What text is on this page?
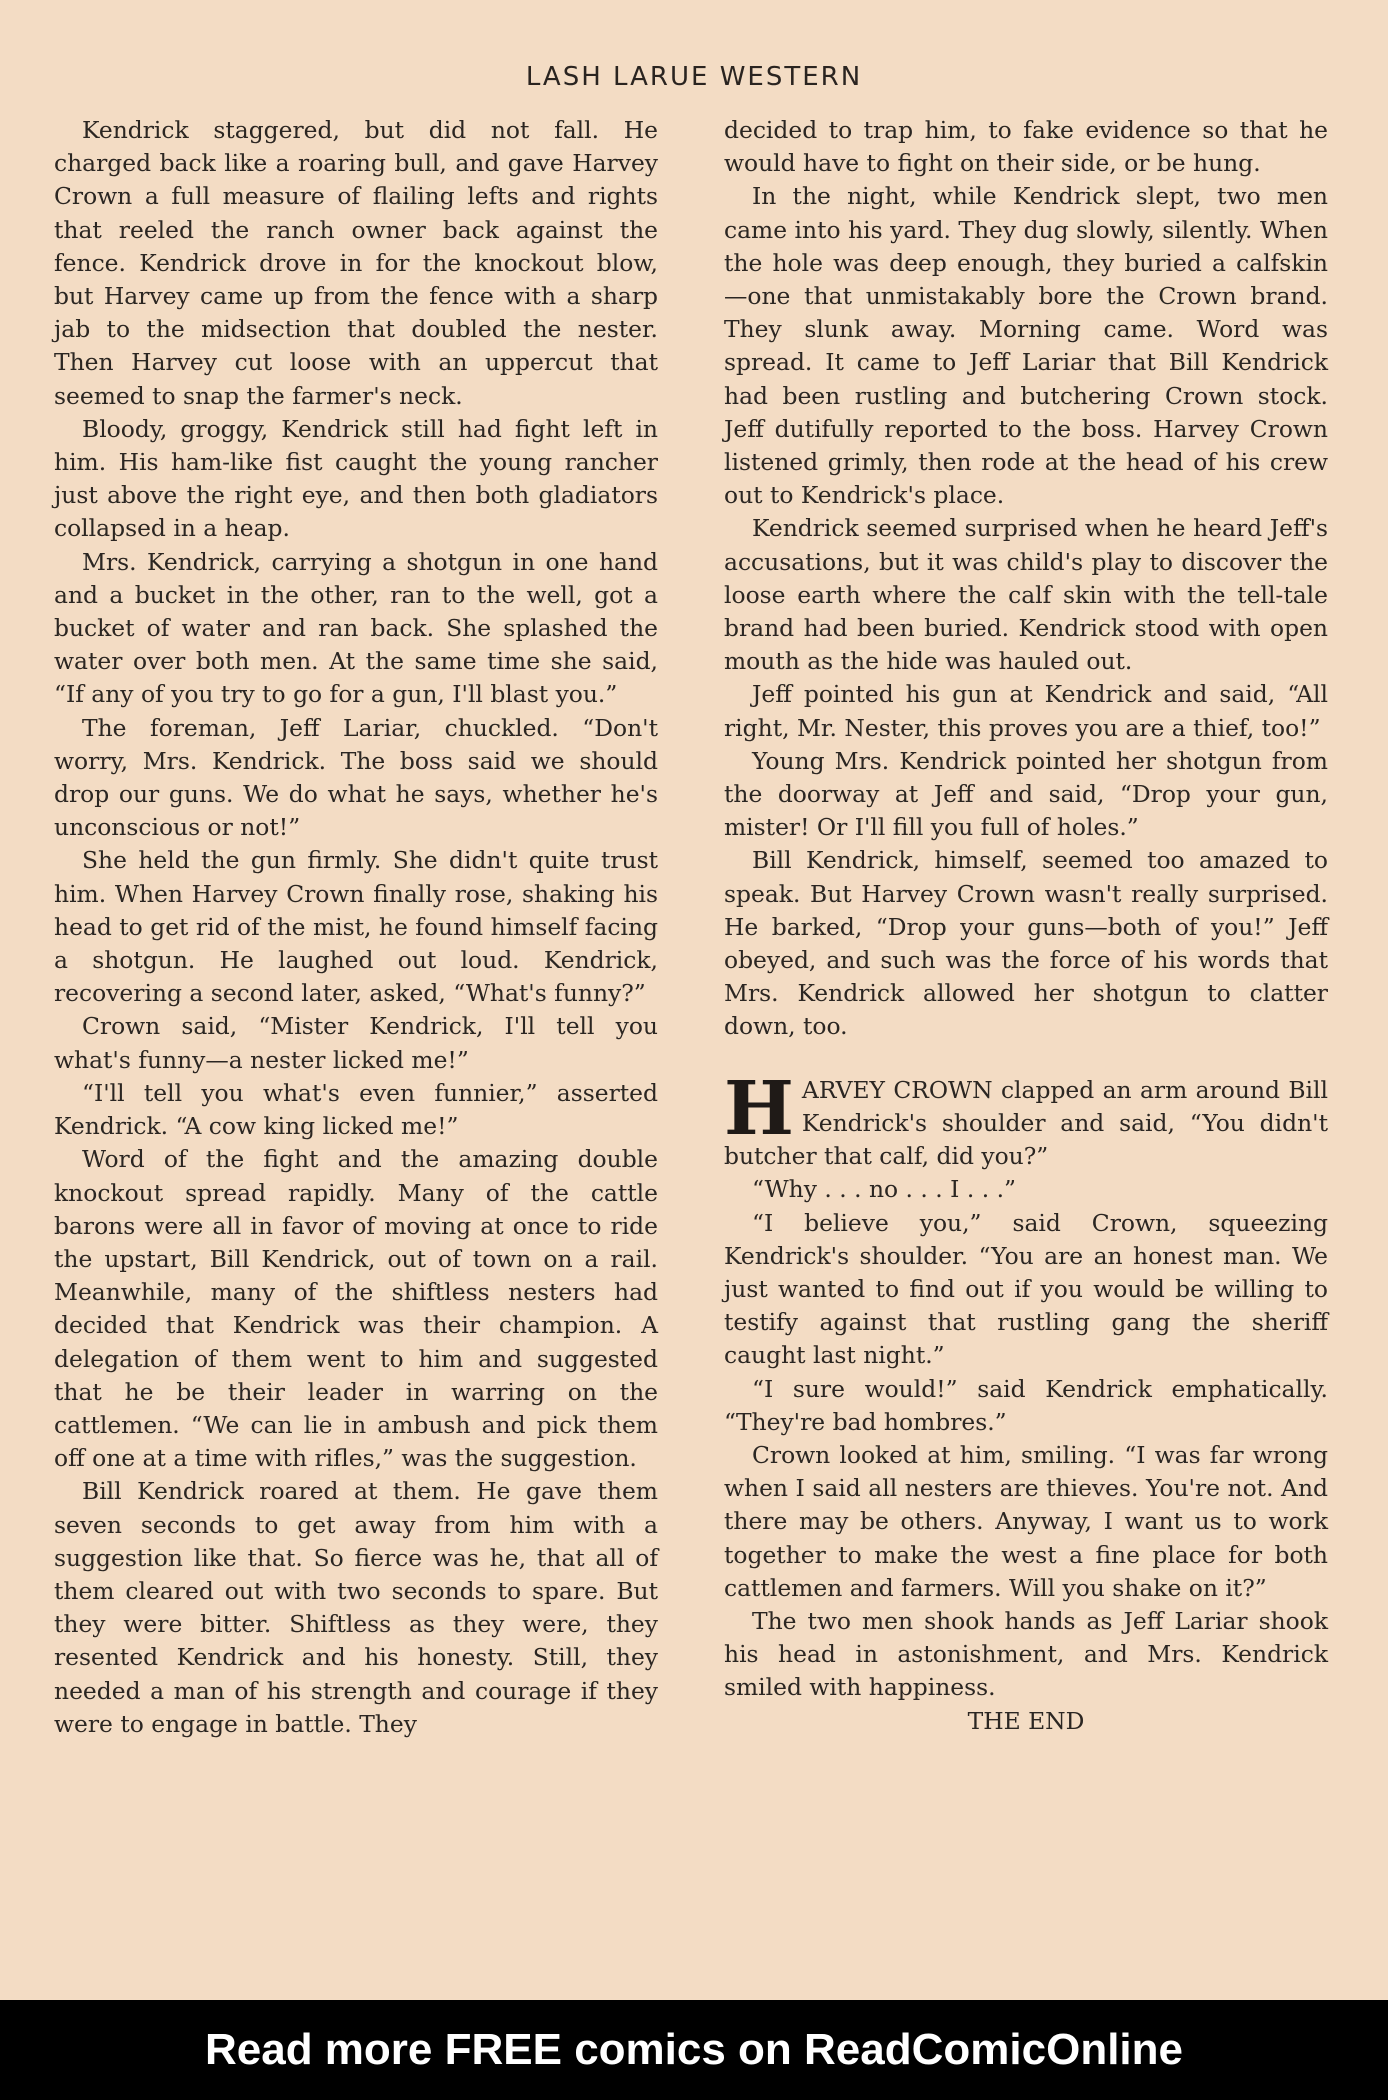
LASH LARUE WESTERN

Kendrick staggered, but did not fall. He charged back like a roaring bull, and gave Harvey Crown a full measure of flailing lefts and rights that reeled the ranch owner back against the fence. Kendrick drove in for the knockout blow, but Harvey came up from the fence with a sharp jab to the midsection that doubled the nester. Then Harvey cut loose with an uppercut that seemed to snap the farmer's neck.

Bloody, groggy, Kendrick still had fight left in him. His ham-like fist caught the young rancher just above the right eye, and then both gladiators collapsed in a heap.

Mrs. Kendrick, carrying a shotgun in one hand and a bucket in the other, ran to the well, got a bucket of water and ran back. She splashed the water over both men. At the same time she said, “If any of you try to go for a gun, I'll blast you.”

The foreman, Jeff Lariar, chuckled. “Don't worry, Mrs. Kendrick. The boss said we should drop our guns. We do what he says, whether he's unconscious or not!”

She held the gun firmly. She didn't quite trust him. When Harvey Crown finally rose, shaking his head to get rid of the mist, he found himself facing a shotgun. He laughed out loud. Kendrick, recovering a second later, asked, “What's funny?”

Crown said, “Mister Kendrick, I'll tell you what's funny—a nester licked me!”

“I'll tell you what's even funnier,” asserted Kendrick. “A cow king licked me!”

Word of the fight and the amazing double knockout spread rapidly. Many of the cattle barons were all in favor of moving at once to ride the upstart, Bill Kendrick, out of town on a rail. Meanwhile, many of the shiftless nesters had decided that Kendrick was their champion. A delegation of them went to him and suggested that he be their leader in warring on the cattlemen. “We can lie in ambush and pick them off one at a time with rifles,” was the suggestion.

Bill Kendrick roared at them. He gave them seven seconds to get away from him with a suggestion like that. So fierce was he, that all of them cleared out with two seconds to spare. But they were bitter. Shiftless as they were, they resented Kendrick and his honesty. Still, they needed a man of his strength and courage if they were to engage in battle. They

decided to trap him, to fake evidence so that he would have to fight on their side, or be hung.

In the night, while Kendrick slept, two men came into his yard. They dug slowly, silently. When the hole was deep enough, they buried a calfskin—one that unmistakably bore the Crown brand. They slunk away. Morning came. Word was spread. It came to Jeff Lariar that Bill Kendrick had been rustling and butchering Crown stock. Jeff dutifully reported to the boss. Harvey Crown listened grimly, then rode at the head of his crew out to Kendrick's place.

Kendrick seemed surprised when he heard Jeff's accusations, but it was child's play to discover the loose earth where the calf skin with the tell-tale brand had been buried. Kendrick stood with open mouth as the hide was hauled out.

Jeff pointed his gun at Kendrick and said, “All right, Mr. Nester, this proves you are a thief, too!”

Young Mrs. Kendrick pointed her shotgun from the doorway at Jeff and said, “Drop your gun, mister! Or I'll fill you full of holes.”

Bill Kendrick, himself, seemed too amazed to speak. But Harvey Crown wasn't really surprised. He barked, “Drop your guns—both of you!” Jeff obeyed, and such was the force of his words that Mrs. Kendrick allowed her shotgun to clatter down, too.

HARVEY CROWN clapped an arm around Bill Kendrick's shoulder and said, “You didn't butcher that calf, did you?”

“Why . . . no . . . I . . .”

“I believe you,” said Crown, squeezing Kendrick's shoulder. “You are an honest man. We just wanted to find out if you would be willing to testify against that rustling gang the sheriff caught last night.”

“I sure would!” said Kendrick emphatically. “They're bad hombres.”

Crown looked at him, smiling. “I was far wrong when I said all nesters are thieves. You're not. And there may be others. Anyway, I want us to work together to make the west a fine place for both cattlemen and farmers. Will you shake on it?”

The two men shook hands as Jeff Lariar shook his head in astonishment, and Mrs. Kendrick smiled with happiness.

THE END

Read more FREE comics on ReadComicOnline
